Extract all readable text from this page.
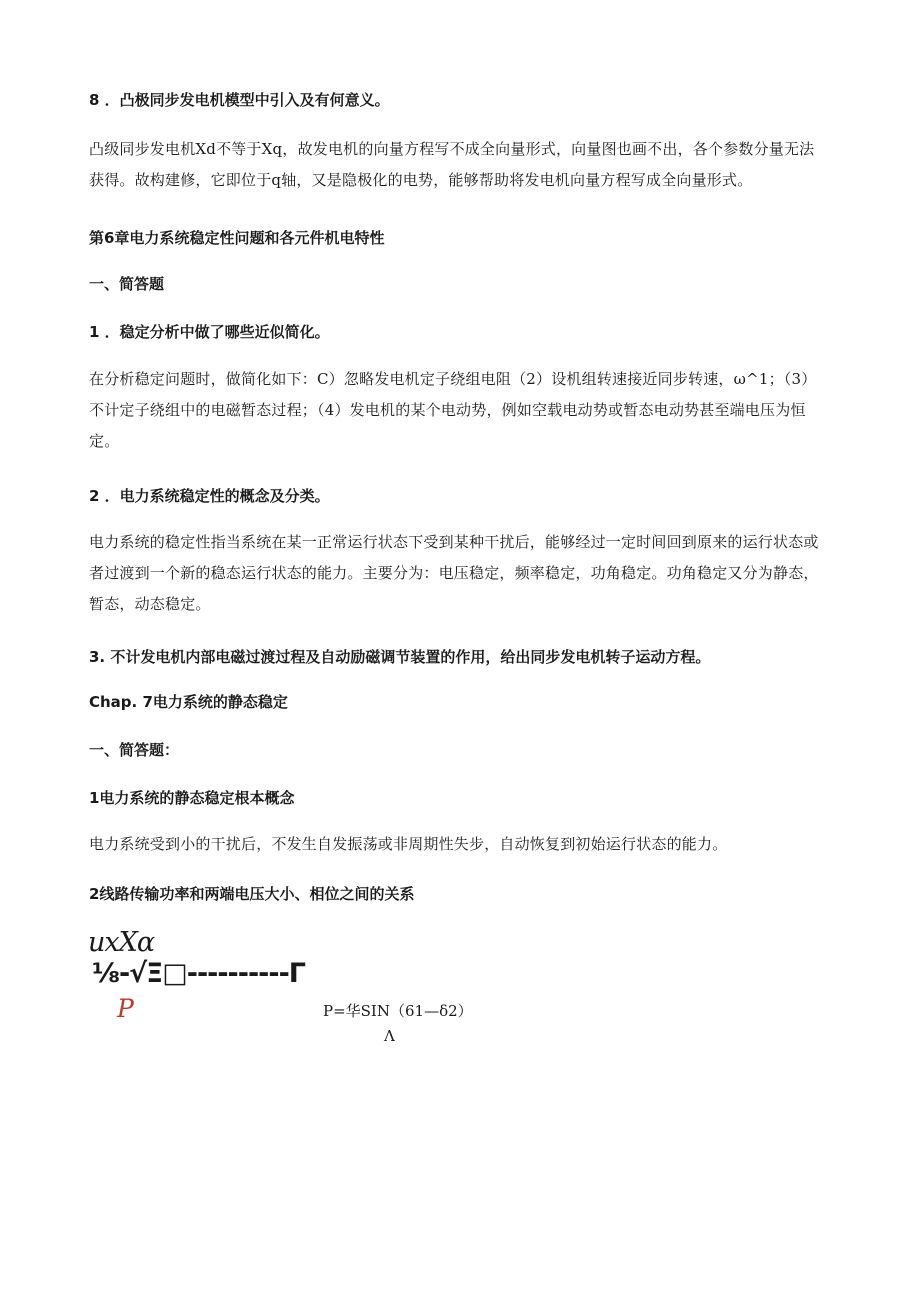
8 ．凸极同步发电机模型中引入及有何意义。
凸级同步发电机Xd不等于Xq，故发电机的向量方程写不成全向量形式，向量图也画不出，各个参数分量无法获得。故构建修，它即位于q轴，又是隐极化的电势，能够帮助将发电机向量方程写成全向量形式。
第6章电力系统稳定性问题和各元件机电特性
一、简答题
1 ．稳定分析中做了哪些近似简化。
在分析稳定问题时，做简化如下：C）忽略发电机定子绕组电阻（2）设机组转速接近同步转速，ω^1；（3）不计定子绕组中的电磁暂态过程；（4）发电机的某个电动势，例如空载电动势或暂态电动势甚至端电压为恒定。
2 ．电力系统稳定性的概念及分类。
电力系统的稳定性指当系统在某一正常运行状态下受到某种干扰后，能够经过一定时间回到原来的运行状态或者过渡到一个新的稳态运行状态的能力。主要分为：电压稳定，频率稳定，功角稳定。功角稳定又分为静态，暂态，动态稳定。
3. 不计发电机内部电磁过渡过程及自动励磁调节装置的作用，给出同步发电机转子运动方程。
Chap. 7电力系统的静态稳定
一、简答题：
1电力系统的静态稳定根本概念
电力系统受到小的干扰后，不发生自发振荡或非周期性失步，自动恢复到初始运行状态的能力。
2线路传输功率和两端电压大小、相位之间的关系
uxXα
⅛-√Ξ□----------Γ
P	P=华SIN（61—δ2）
Λ
